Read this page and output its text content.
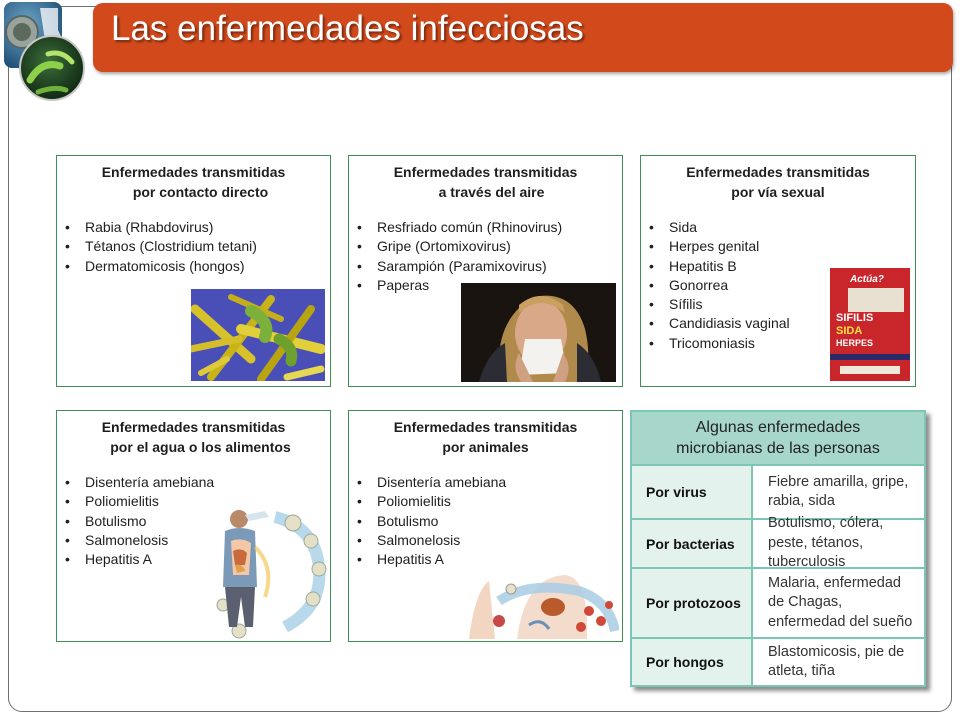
Las enfermedades infecciosas
Enfermedades transmitidas
por contacto directo
• Rabia (Rhabdovirus)
• Tétanos (Clostridium tetani)
• Dermatomicosis (hongos)
Enfermedades transmitidas
a través del aire
• Resfriado común (Rhinovirus)
• Gripe (Ortomixovirus)
• Sarampión (Paramixovirus)
• Paperas
Enfermedades transmitidas
por vía sexual
• Sida
• Herpes genital
• Hepatitis B
• Gonorrea
• Sífilis
• Candidiasis vaginal
• Tricomoniasis
Actúa?
SIFILIS
SIDA
HERPES
Enfermedades transmitidas
por el agua o los alimentos
• Disentería amebiana
• Poliomielitis
• Botulismo
• Salmonelosis
• Hepatitis A
Enfermedades transmitidas
por animales
• Disentería amebiana
• Poliomielitis
• Botulismo
• Salmonelosis
• Hepatitis A
Algunas enfermedades
microbianas de las personas
Por virus
Fiebre amarilla, gripe, rabia, sida
Por bacterias
Botulismo, cólera, peste, tétanos, tuberculosis
Por protozoos
Malaria, enfermedad de Chagas, enfermedad del sueño
Por hongos
Blastomicosis, pie de atleta, tiña
